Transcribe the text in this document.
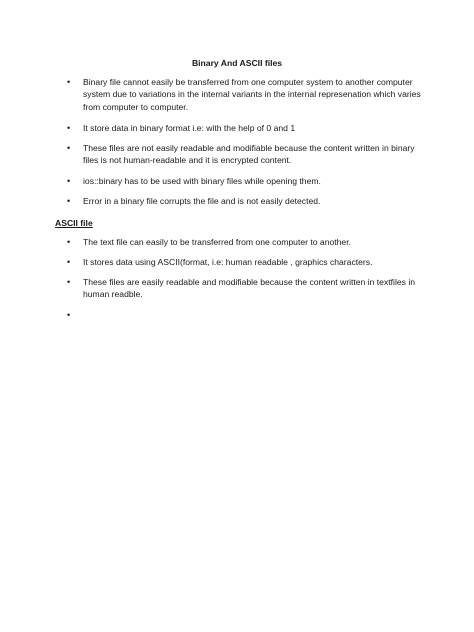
Binary And ASCII files
•	Binary file cannot easily be transferred from one computer system to another computer system due to variations in the internal variants in the internal represenation which varies from computer to computer.
•	It store data in binary format i.e: with the help of 0 and 1
•	These files are not easily readable and modifiable because the content written in binary files is not human-readable and it is encrypted content.
•	ios::binary has to be used with binary files while opening them.
•	Error in a binary file corrupts the file and is not easily detected.
ASCII file
•	The text file can easily to be transferred from one computer to another.
•	It stores data using ASCII(format, i.e: human readable , graphics characters.
•	These files are easily readable and modifiable because the content written in textfiles in human readble.
•
